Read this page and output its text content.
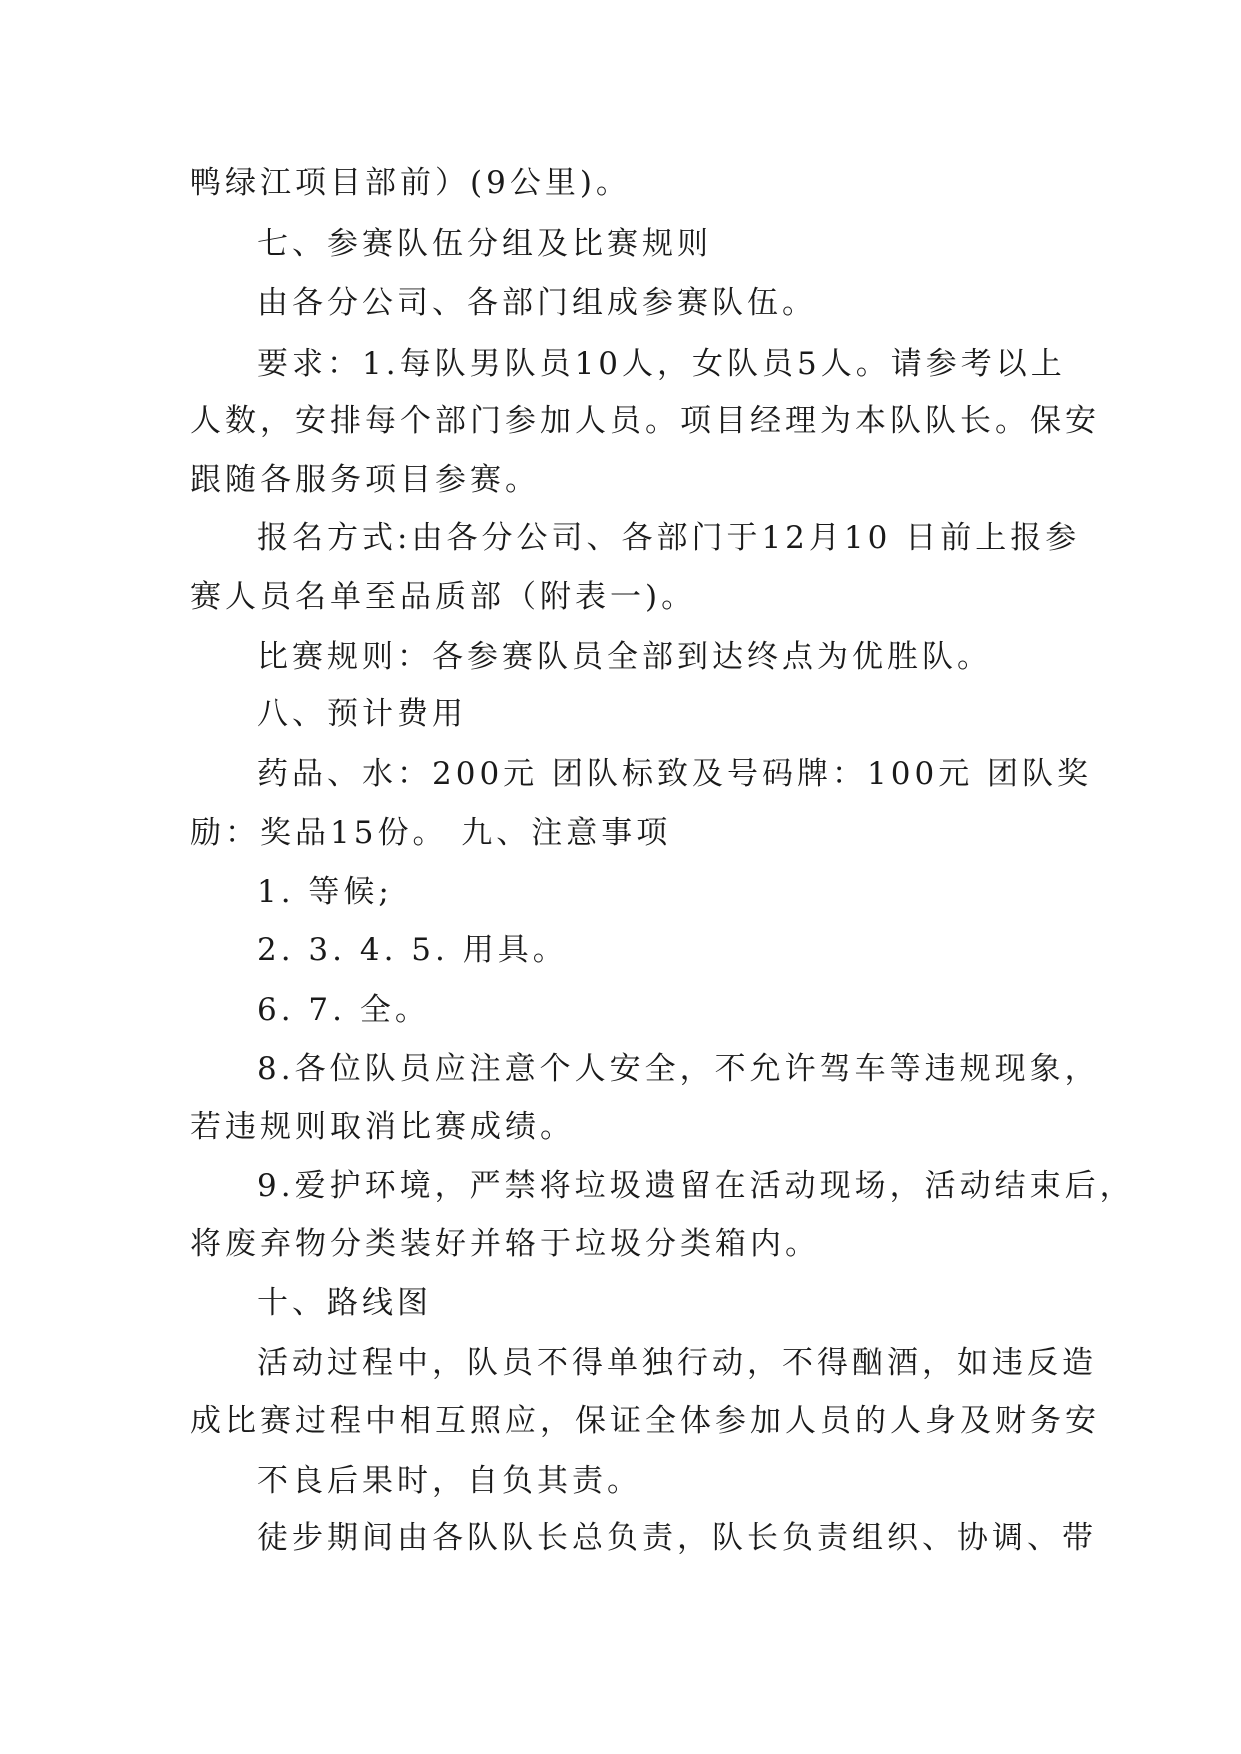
鸭绿江项目部前）(9公里)。
七、参赛队伍分组及比赛规则
由各分公司、各部门组成参赛队伍。
要求：1.每队男队员10人，女队员5人。请参考以上
人数，安排每个部门参加人员。项目经理为本队队长。保安
跟随各服务项目参赛。
报名方式:由各分公司、各部门于12月10 日前上报参
赛人员名单至品质部（附表一)。
比赛规则：各参赛队员全部到达终点为优胜队。
八、预计费用
药品、水：200元 团队标致及号码牌：100元 团队奖
励：奖品15份。 九、注意事项
1. 等候;
2. 3. 4. 5. 用具。
6. 7. 全。
8.各位队员应注意个人安全，不允许驾车等违规现象，
若违规则取消比赛成绩。
9.爱护环境，严禁将垃圾遗留在活动现场，活动结束后，
将废弃物分类装好并辂于垃圾分类箱内。
十、路线图
活动过程中，队员不得单独行动，不得酗酒，如违反造
成比赛过程中相互照应，保证全体参加人员的人身及财务安
不良后果时，自负其责。
徒步期间由各队队长总负责，队长负责组织、协调、带
